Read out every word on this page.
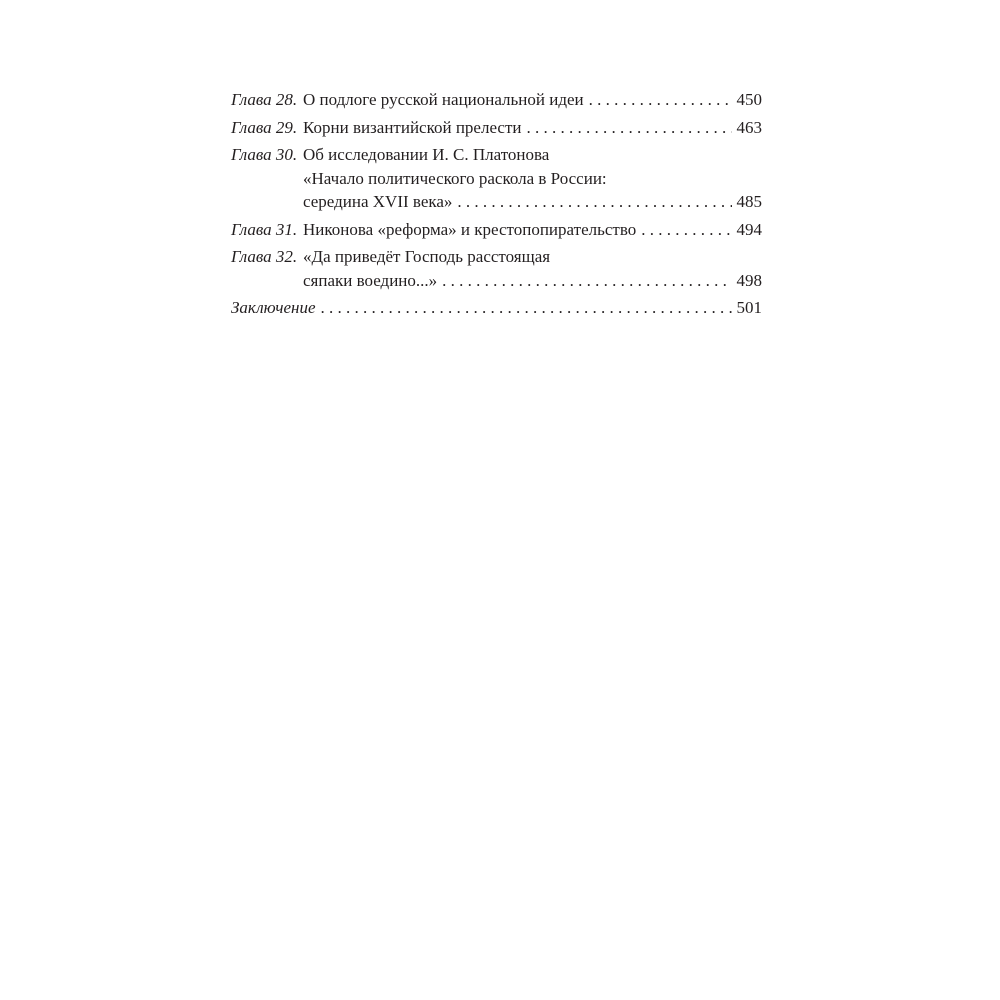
Глава 28. О подлоге русской национальной идеи . . .	450
Глава 29. Корни византийской прелести . . .	463
Глава 30. Об исследовании И. С. Платонова
«Начало политического раскола в России:
середина XVII века» . . .	485
Глава 31. Никонова «реформа» и крестопопирательство . . .	494
Глава 32. «Да приведёт Господь расстоящая
сяпаки воедино...» . . .	498
Заключение . . .	501
